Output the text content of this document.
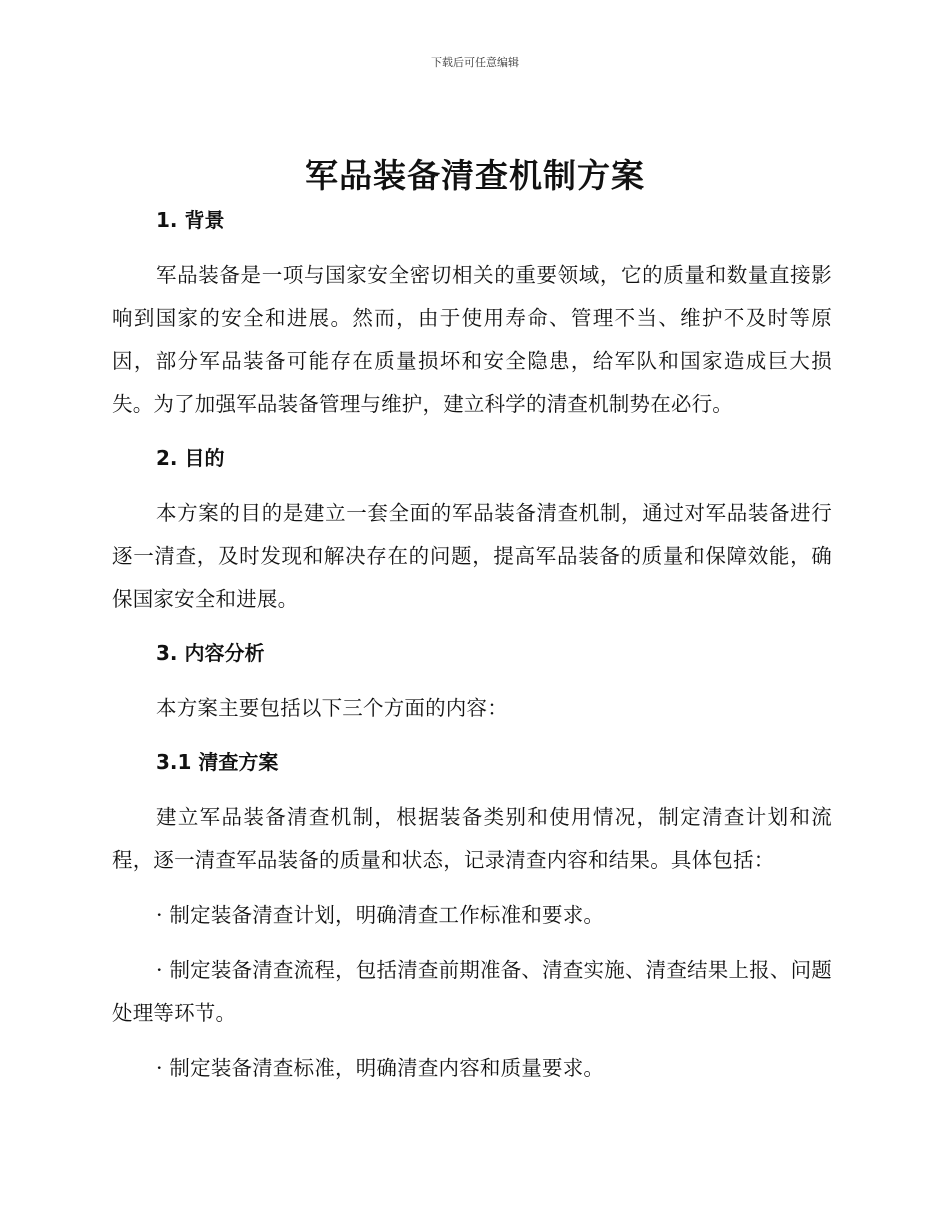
下载后可任意编辑
军品装备清查机制方案
1. 背景
军品装备是一项与国家安全密切相关的重要领域，它的质量和数量直接影响到国家的安全和进展。然而，由于使用寿命、管理不当、维护不及时等原因，部分军品装备可能存在质量损坏和安全隐患，给军队和国家造成巨大损失。为了加强军品装备管理与维护，建立科学的清查机制势在必行。
2. 目的
本方案的目的是建立一套全面的军品装备清查机制，通过对军品装备进行逐一清查，及时发现和解决存在的问题，提高军品装备的质量和保障效能，确保国家安全和进展。
3. 内容分析
本方案主要包括以下三个方面的内容：
3.1 清查方案
建立军品装备清查机制，根据装备类别和使用情况，制定清查计划和流程，逐一清查军品装备的质量和状态，记录清查内容和结果。具体包括：
· 制定装备清查计划，明确清查工作标准和要求。
· 制定装备清查流程，包括清查前期准备、清查实施、清查结果上报、问题处理等环节。
· 制定装备清查标准，明确清查内容和质量要求。
